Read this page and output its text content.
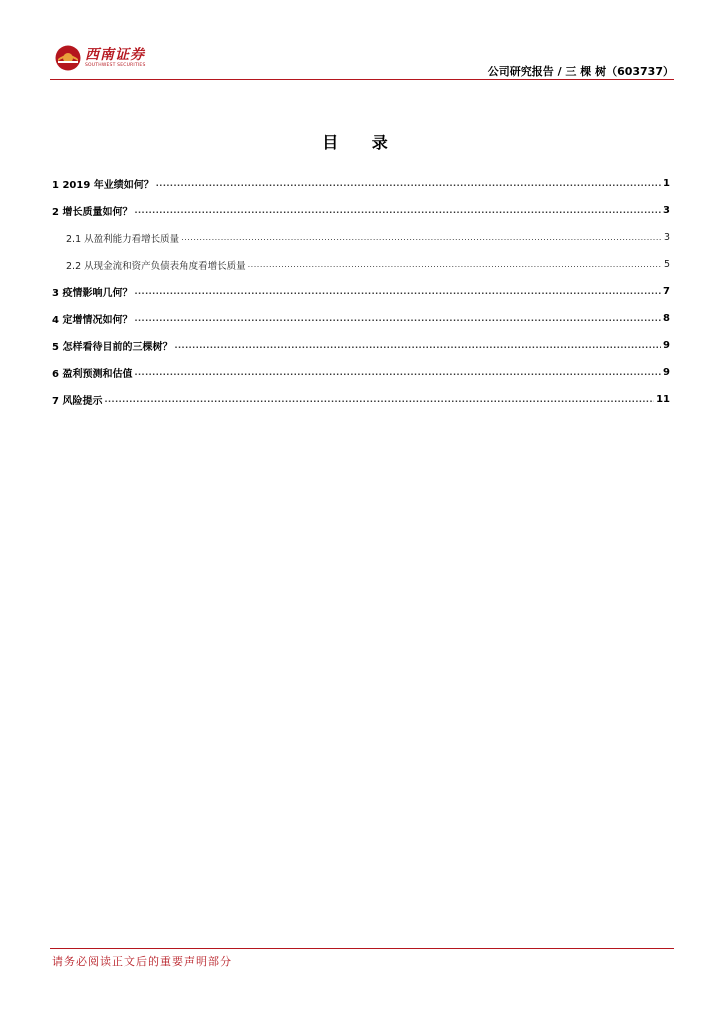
西南证券
SOUTHWEST SECURITIES	公司研究报告 / 三 棵 树（603737）
目 录
1 2019 年业绩如何？ .....	1
2 增长质量如何？ .....	3
2.1 从盈利能力看增长质量 .....	3
2.2 从现金流和资产负债表角度看增长质量 .....	5
3 疫情影响几何？ .....	7
4 定增情况如何？ .....	8
5 怎样看待目前的三棵树？ .....	9
6 盈利预测和估值 .....	9
7 风险提示 .....	11
请务必阅读正文后的重要声明部分
